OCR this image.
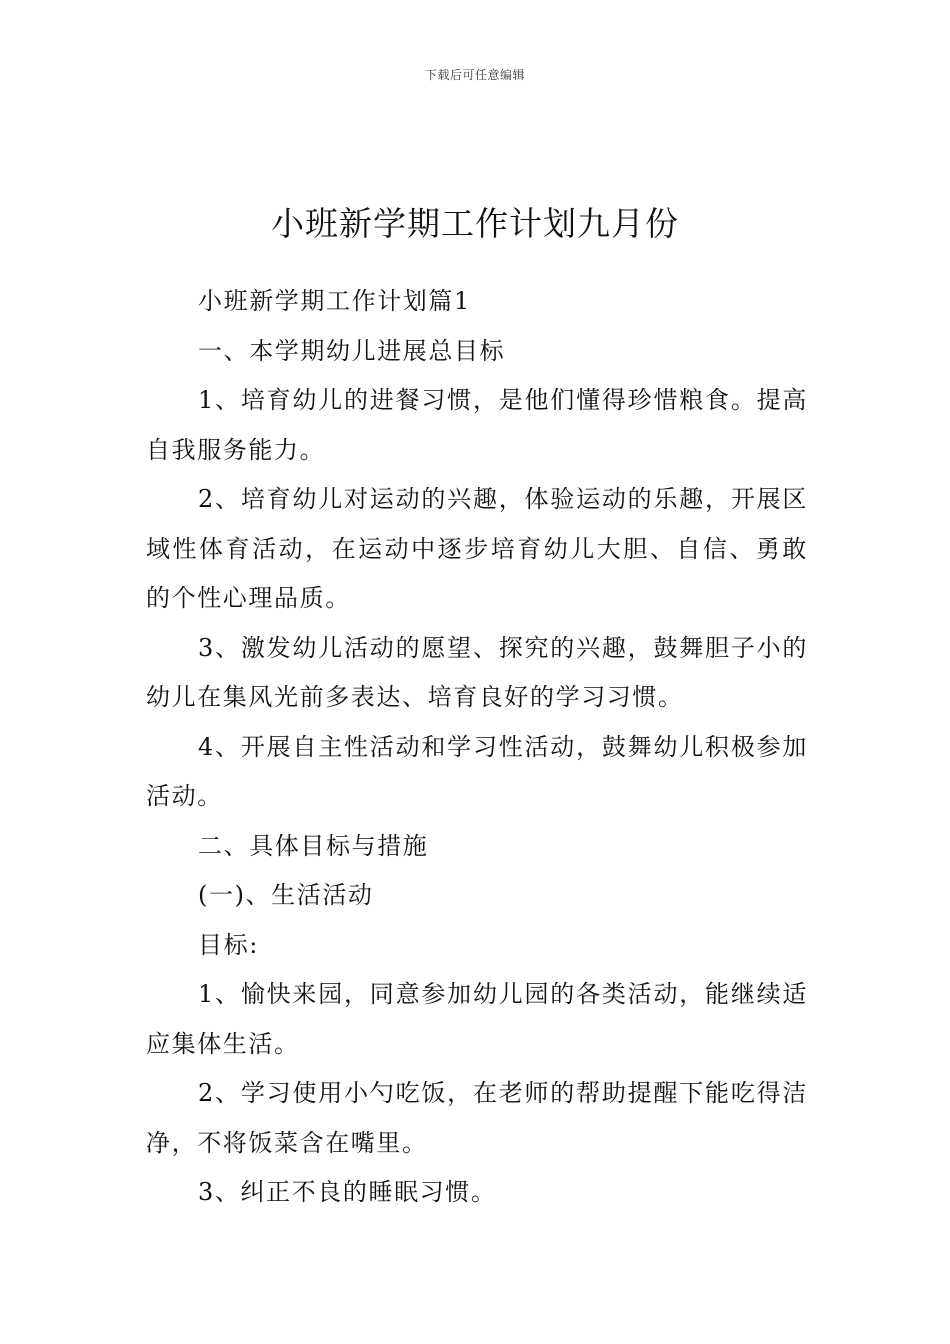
下载后可任意编辑
小班新学期工作计划九月份

小班新学期工作计划篇1

一、本学期幼儿进展总目标

1、培育幼儿的进餐习惯，是他们懂得珍惜粮食。提高自我服务能力。

2、培育幼儿对运动的兴趣，体验运动的乐趣，开展区域性体育活动，在运动中逐步培育幼儿大胆、自信、勇敢的个性心理品质。

3、激发幼儿活动的愿望、探究的兴趣，鼓舞胆子小的幼儿在集风光前多表达、培育良好的学习习惯。

4、开展自主性活动和学习性活动，鼓舞幼儿积极参加活动。

二、具体目标与措施

(一)、生活活动

目标:

1、愉快来园，同意参加幼儿园的各类活动，能继续适应集体生活。

2、学习使用小勺吃饭，在老师的帮助提醒下能吃得洁净，不将饭菜含在嘴里。

3、纠正不良的睡眠习惯。
